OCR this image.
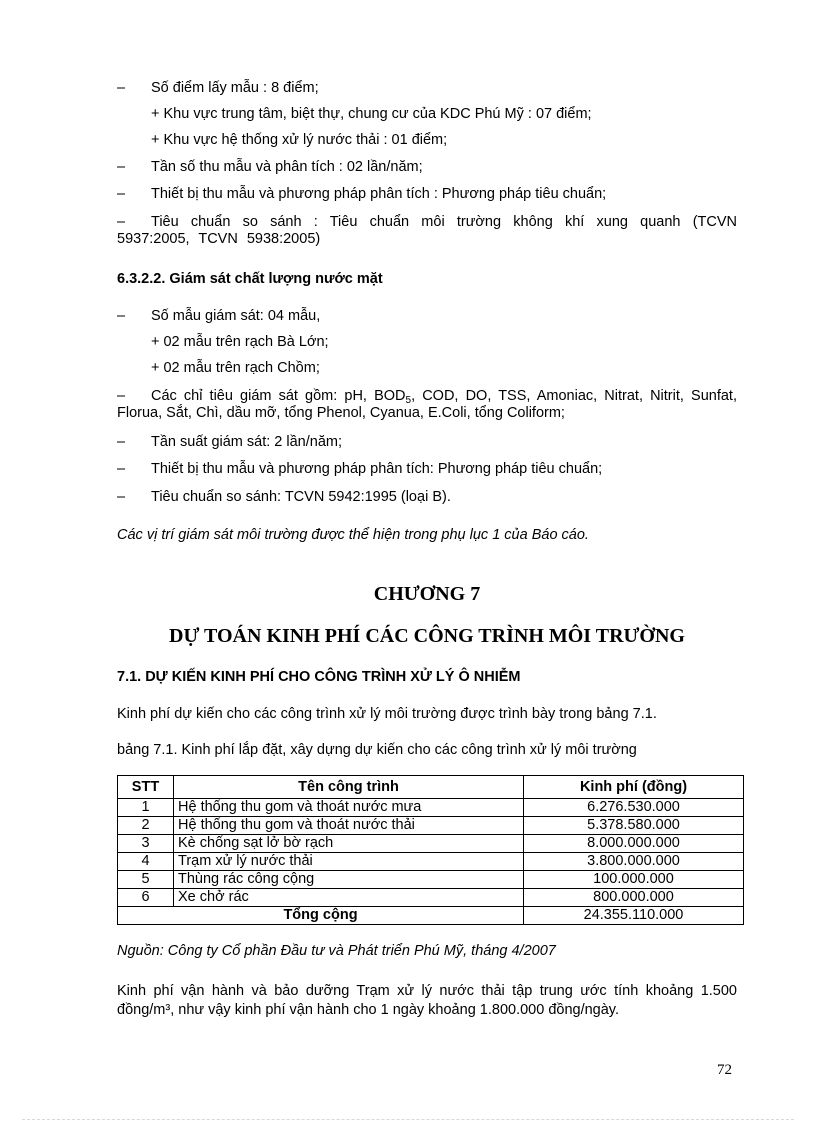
– Số điểm lấy mẫu : 8 điểm;
+ Khu vực trung tâm, biệt thự, chung cư của KDC Phú Mỹ : 07 điểm;
+ Khu vực hệ thống xử lý nước thải : 01 điểm;
– Tần số thu mẫu và phân tích : 02 lần/năm;
– Thiết bị thu mẫu và phương pháp phân tích : Phương pháp tiêu chuẩn;
– Tiêu chuẩn so sánh : Tiêu chuẩn môi trường không khí xung quanh (TCVN 5937:2005, TCVN 5938:2005)
6.3.2.2. Giám sát chất lượng nước mặt
– Số mẫu giám sát: 04 mẫu,
+ 02 mẫu trên rạch Bà Lớn;
+ 02 mẫu trên rạch Chồm;
– Các chỉ tiêu giám sát gồm: pH, $BOD_5$, COD, DO, TSS, Amoniac, Nitrat, Nitrit, Sunfat, Florua, Sắt, Chì, dầu mỡ, tổng Phenol, Cyanua, E.Coli, tổng Coliform;
– Tần suất giám sát: 2 lần/năm;
– Thiết bị thu mẫu và phương pháp phân tích: Phương pháp tiêu chuẩn;
– Tiêu chuẩn so sánh: TCVN 5942:1995 (loại B).
Các vị trí giám sát môi trường được thể hiện trong phụ lục 1 của Báo cáo.
CHƯƠNG 7
DỰ TOÁN KINH PHÍ CÁC CÔNG TRÌNH MÔI TRƯỜNG
7.1. DỰ KIẾN KINH PHÍ CHO CÔNG TRÌNH XỬ LÝ Ô NHIỄM
Kinh phí dự kiến cho các công trình xử lý môi trường được trình bày trong bảng 7.1.
bảng 7.1. Kinh phí lắp đặt, xây dựng dự kiến cho các công trình xử lý môi trường
STT	Tên công trình	Kinh phí (đồng)
1	Hệ thống thu gom và thoát nước mưa	6.276.530.000
2	Hệ thống thu gom và thoát nước thải	5.378.580.000
3	Kè chống sạt lở bờ rạch	8.000.000.000
4	Trạm xử lý nước thải	3.800.000.000
5	Thùng rác công cộng	100.000.000
6	Xe chở rác	800.000.000
Tổng cộng		24.355.110.000
Nguồn: Công ty Cổ phần Đầu tư và Phát triển Phú Mỹ, tháng 4/2007
Kinh phí vận hành và bảo dưỡng Trạm xử lý nước thải tập trung ước tính khoảng 1.500 đồng/m³, như vậy kinh phí vận hành cho 1 ngày khoảng 1.800.000 đồng/ngày.
72
